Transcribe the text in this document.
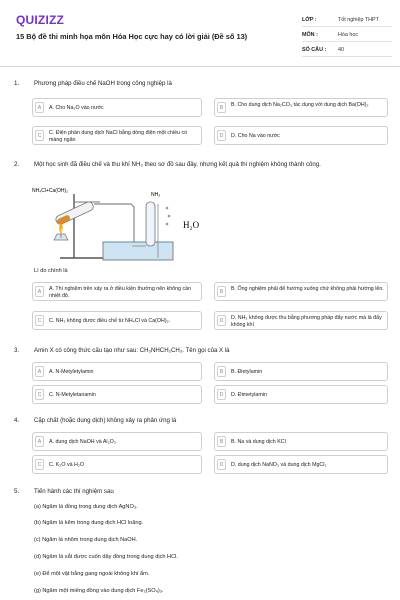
QUIZIZZ
15 Bộ đề thi minh họa môn Hóa Học cực hay có lời giải (Đề số 13)
LỚP :	Tốt nghiệp THPT
MÔN :	Hóa học
SỐ CÂU :	40
1. Phương pháp điều chế NaOH trong công nghiệp là
A	A. Cho Na₂O vào nước	B	B. Cho dung dịch Na₂CO₃ tác dụng với dung dịch Ba(OH)₂
C	C. Điện phân dung dịch NaCl bằng dòng điện một chiều có màng ngăn
D	D. Cho Na vào nước
2. Một học sinh đã điều chế và thu khí NH₃ theo sơ đồ sau đây, nhưng kết quả thí nghiệm không thành công.
NH₄Cl+Ca(OH)₂
NH₃
H₂O
Lí do chính là
A	A. Thí nghiệm trên xảy ra ở điều kiện thường nên không cần nhiệt độ.
B	B. Ống nghiệm phải để hướng xuống chứ không phải hướng lên.
C	C. NH₃ không được điều chế từ NH₄Cl và Ca(OH)₂.	D	D. NH₃ không được thu bằng phương pháp đẩy nước mà là đẩy không khí
3. Amin X có công thức cấu tạo như sau: CH₃NHCH₂CH₃. Tên gọi của X là
A	A. N-Metyletylamin	B	B. Đietylamin
C	C. N-Metyletanamin	D	D. Đimetylamin
4. Cặp chất (hoặc dung dịch) không xảy ra phản ứng là
A	A. dung dịch NaOH và Al₂O₃	B	B. Na và dung dịch KCl
C	C. K₂O và H₂O	D	D. dung dịch NaNO₃ và dung dịch MgCl₂
5. Tiến hành các thí nghiệm sau
(a) Ngâm lá đồng trong dung dịch AgNO₃.
(b) Ngâm lá kẽm trong dung dịch HCl loãng.
(c) Ngâm lá nhôm trong dung dịch NaOH.
(d) Ngâm lá sắt được cuốn dây đồng trong dung dịch HCl.
(e) Để một vật bằng gang ngoài không khí ẩm.
(g) Ngâm một miếng đồng vào dung dịch Fe₂(SO₄)₃.
